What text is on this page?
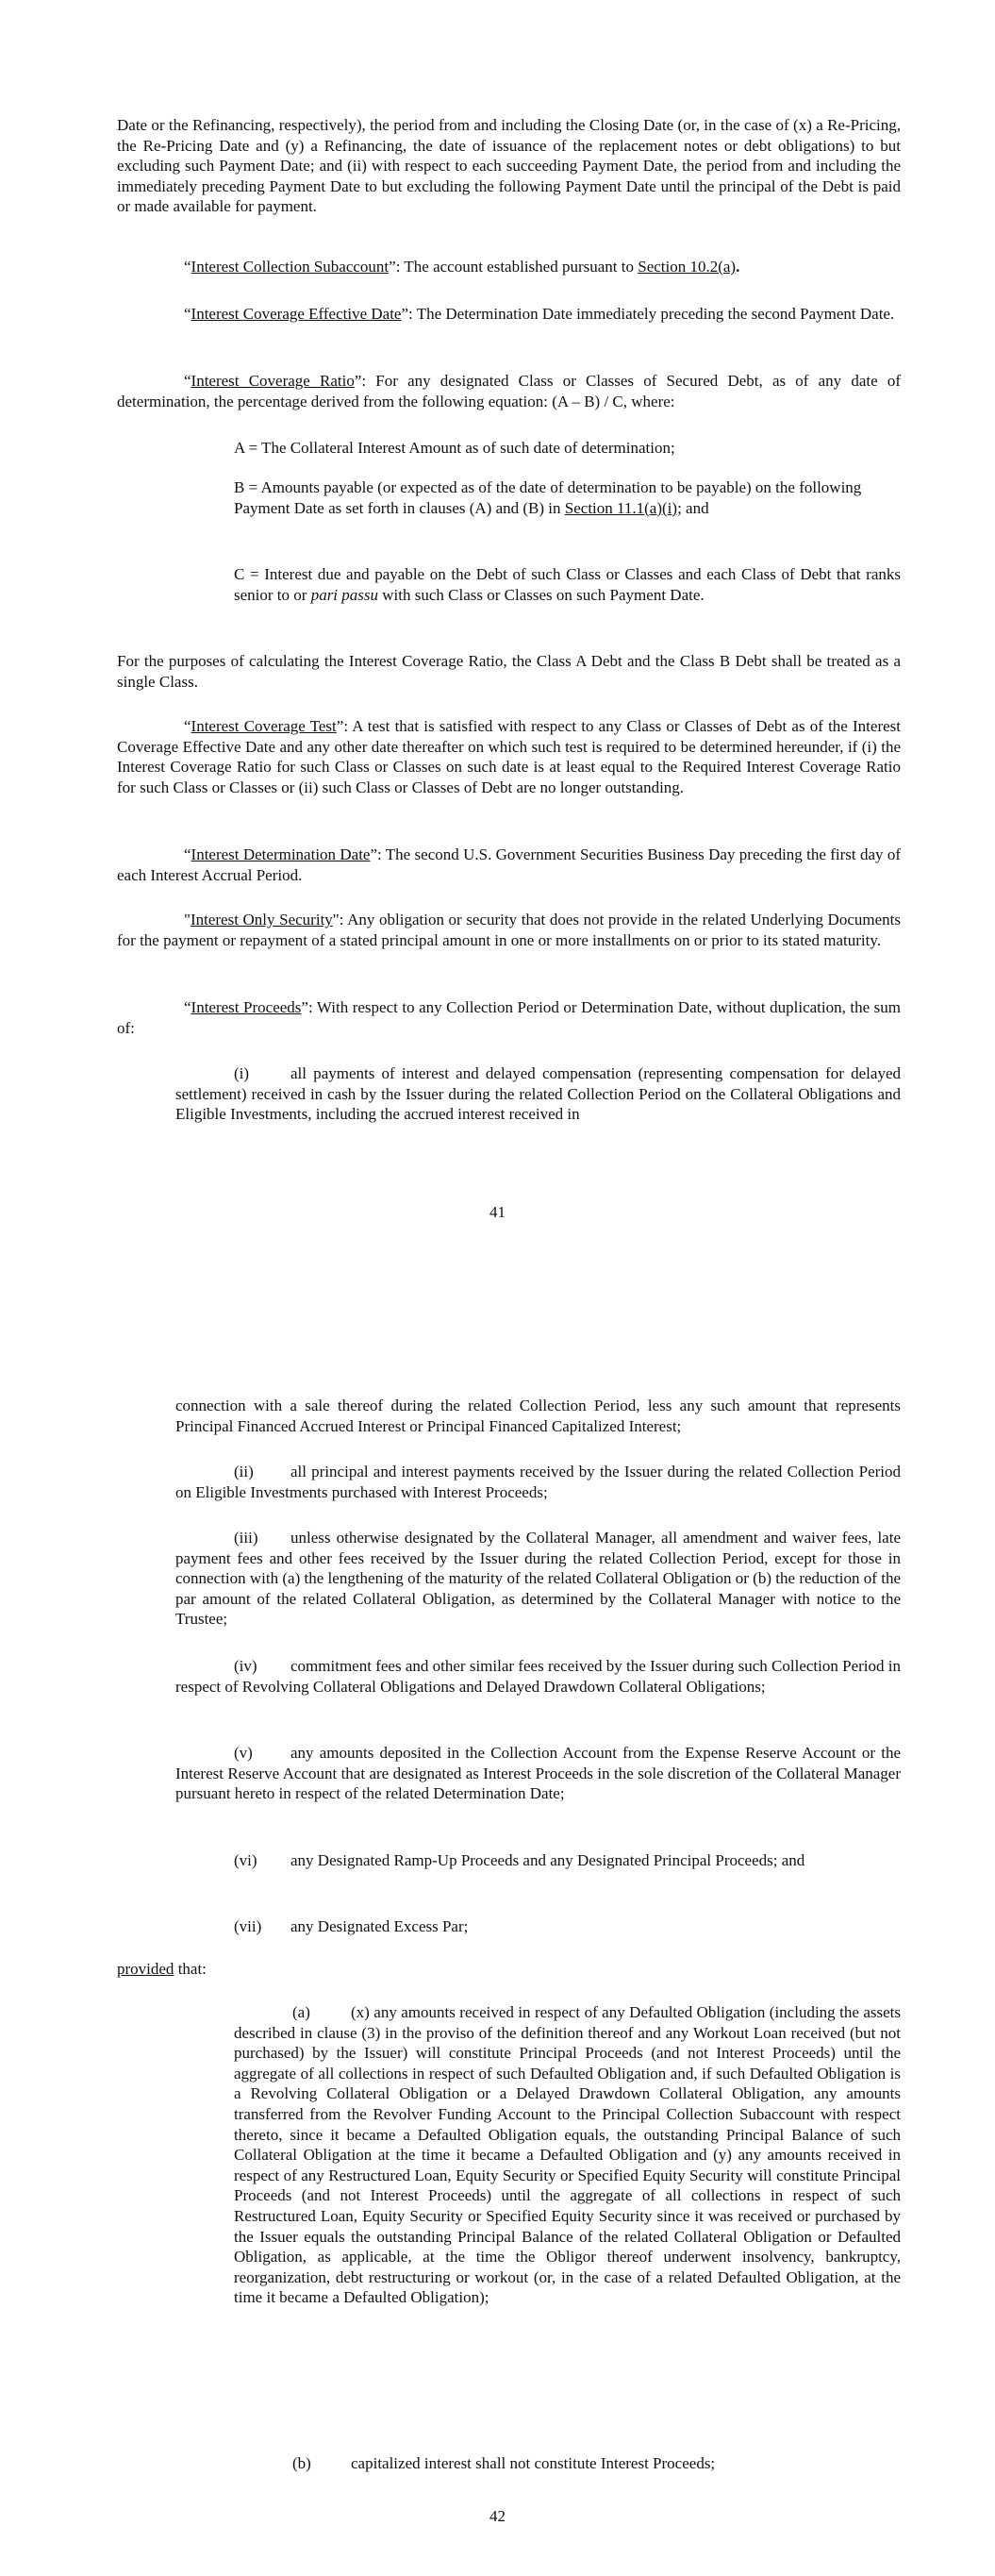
Date or the Refinancing, respectively), the period from and including the Closing Date (or, in the case of (x) a Re-Pricing, the Re-Pricing Date and (y) a Refinancing, the date of issuance of the replacement notes or debt obligations) to but excluding such Payment Date; and (ii) with respect to each succeeding Payment Date, the period from and including the immediately preceding Payment Date to but excluding the following Payment Date until the principal of the Debt is paid or made available for payment.

“Interest Collection Subaccount”: The account established pursuant to Section 10.2(a).

“Interest Coverage Effective Date”: The Determination Date immediately preceding the second Payment Date.

“Interest Coverage Ratio”: For any designated Class or Classes of Secured Debt, as of any date of determination, the percentage derived from the following equation: (A – B) / C, where:

A = The Collateral Interest Amount as of such date of determination;

B = Amounts payable (or expected as of the date of determination to be payable) on the following Payment Date as set forth in clauses (A) and (B) in Section 11.1(a)(i); and

C = Interest due and payable on the Debt of such Class or Classes and each Class of Debt that ranks senior to or pari passu with such Class or Classes on such Payment Date.

For the purposes of calculating the Interest Coverage Ratio, the Class A Debt and the Class B Debt shall be treated as a single Class.

“Interest Coverage Test”: A test that is satisfied with respect to any Class or Classes of Debt as of the Interest Coverage Effective Date and any other date thereafter on which such test is required to be determined hereunder, if (i) the Interest Coverage Ratio for such Class or Classes on such date is at least equal to the Required Interest Coverage Ratio for such Class or Classes or (ii) such Class or Classes of Debt are no longer outstanding.

“Interest Determination Date”: The second U.S. Government Securities Business Day preceding the first day of each Interest Accrual Period.

"Interest Only Security": Any obligation or security that does not provide in the related Underlying Documents for the payment or repayment of a stated principal amount in one or more installments on or prior to its stated maturity.

“Interest Proceeds”: With respect to any Collection Period or Determination Date, without duplication, the sum of:

(i)	all payments of interest and delayed compensation (representing compensation for delayed settlement) received in cash by the Issuer during the related Collection Period on the Collateral Obligations and Eligible Investments, including the accrued interest received in

41

connection with a sale thereof during the related Collection Period, less any such amount that represents Principal Financed Accrued Interest or Principal Financed Capitalized Interest;

(ii) all principal and interest payments received by the Issuer during the related Collection Period on Eligible Investments purchased with Interest Proceeds;

(iii) unless otherwise designated by the Collateral Manager, all amendment and waiver fees, late payment fees and other fees received by the Issuer during the related Collection Period, except for those in connection with (a) the lengthening of the maturity of the related Collateral Obligation or (b) the reduction of the par amount of the related Collateral Obligation, as determined by the Collateral Manager with notice to the Trustee;

(iv) commitment fees and other similar fees received by the Issuer during such Collection Period in respect of Revolving Collateral Obligations and Delayed Drawdown Collateral Obligations;

(v) any amounts deposited in the Collection Account from the Expense Reserve Account or the Interest Reserve Account that are designated as Interest Proceeds in the sole discretion of the Collateral Manager pursuant hereto in respect of the related Determination Date;

(vi) any Designated Ramp-Up Proceeds and any Designated Principal Proceeds; and

(vii) any Designated Excess Par;

provided that:

(a)	(x) any amounts received in respect of any Defaulted Obligation (including the assets described in clause (3) in the proviso of the definition thereof and any Workout Loan received (but not purchased) by the Issuer) will constitute Principal Proceeds (and not Interest Proceeds) until the aggregate of all collections in respect of such Defaulted Obligation and, if such Defaulted Obligation is a Revolving Collateral Obligation or a Delayed Drawdown Collateral Obligation, any amounts transferred from the Revolver Funding Account to the Principal Collection Subaccount with respect thereto, since it became a Defaulted Obligation equals, the outstanding Principal Balance of such Collateral Obligation at the time it became a Defaulted Obligation and (y) any amounts received in respect of any Restructured Loan, Equity Security or Specified Equity Security will constitute Principal Proceeds (and not Interest Proceeds) until the aggregate of all collections in respect of such Restructured Loan, Equity Security or Specified Equity Security since it was received or purchased by the Issuer equals the outstanding Principal Balance of the related Collateral Obligation or Defaulted Obligation, as applicable, at the time the Obligor thereof underwent insolvency, bankruptcy, reorganization, debt restructuring or workout (or, in the case of a related Defaulted Obligation, at the time it became a Defaulted Obligation);

(b) capitalized interest shall not constitute Interest Proceeds;

42
